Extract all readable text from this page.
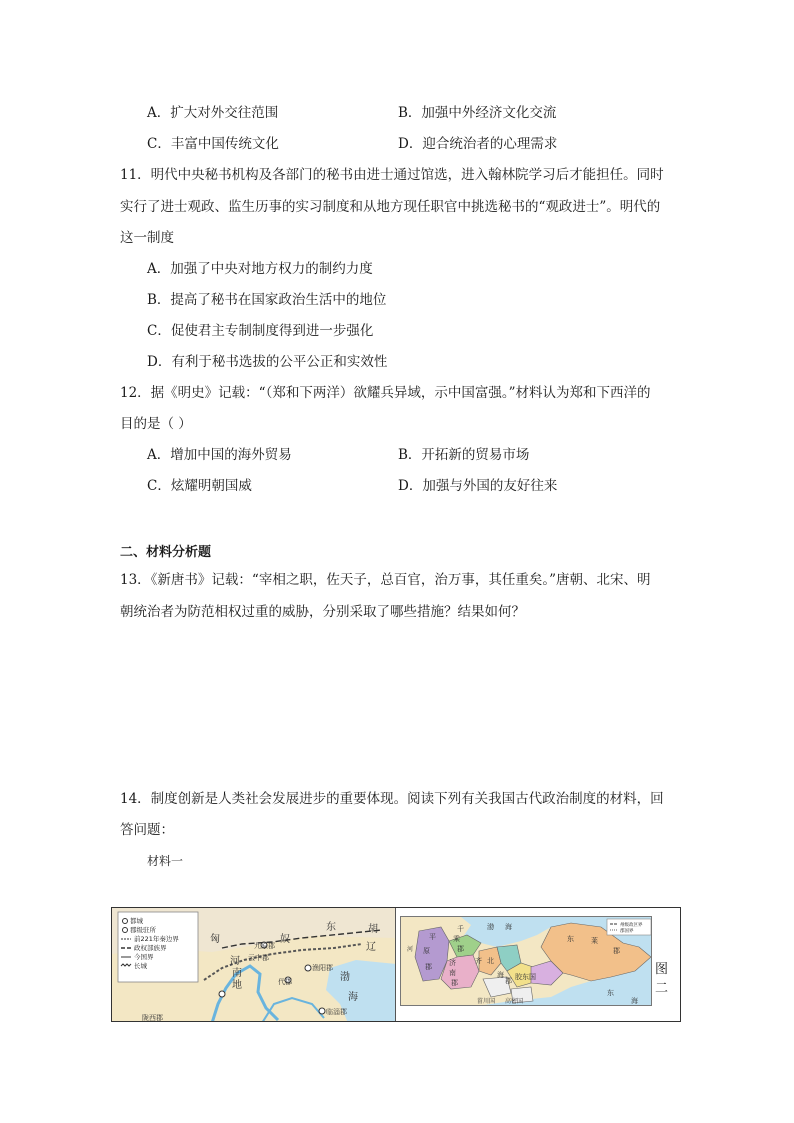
A．扩大对外交往范围	B．加强中外经济文化交流
C．丰富中国传统文化	D．迎合统治者的心理需求
11．明代中央秘书机构及各部门的秘书由进士通过馆选，进入翰林院学习后才能担任。同时
实行了进士观政、监生历事的实习制度和从地方现任职官中挑选秘书的“观政进士”。明代的
这一制度
A．加强了中央对地方权力的制约力度
B．提高了秘书在国家政治生活中的地位
C．促使君主专制制度得到进一步强化
D．有利于秘书选拔的公平公正和实效性
12．据《明史》记载：“（郑和下两洋）欲耀兵异域，示中国富强。”材料认为郑和下西洋的
目的是（ ）
A．增加中国的海外贸易	B．开拓新的贸易市场
C．炫耀明朝国威	D．加强与外国的友好往来
二、材料分析题
13．《新唐书》记载：“宰相之职，佐天子，总百官，治万事，其任重矣。”唐朝、北宋、明
朝统治者为防范相权过重的威胁，分别采取了哪些措施？结果如何？
14．制度创新是人类社会发展进步的重要体现。阅读下列有关我国古代政治制度的材料，回
答问题：
材料一
都城
郡级驻所
前221年秦边界
政权部族界
今国界
长城
匈	奴
东	胡
九原郡
云中郡
渔阳郡
辽
河
南
地	代郡	渤
海
临淄郡
陇西郡
州级政区界
郡国界
平
原
郡
千
乘
郡
济
南
郡
齐 北
海
郡 胶东国
东 莱
郡
渤 海
东
海
菑川国 高密国
河
图二
